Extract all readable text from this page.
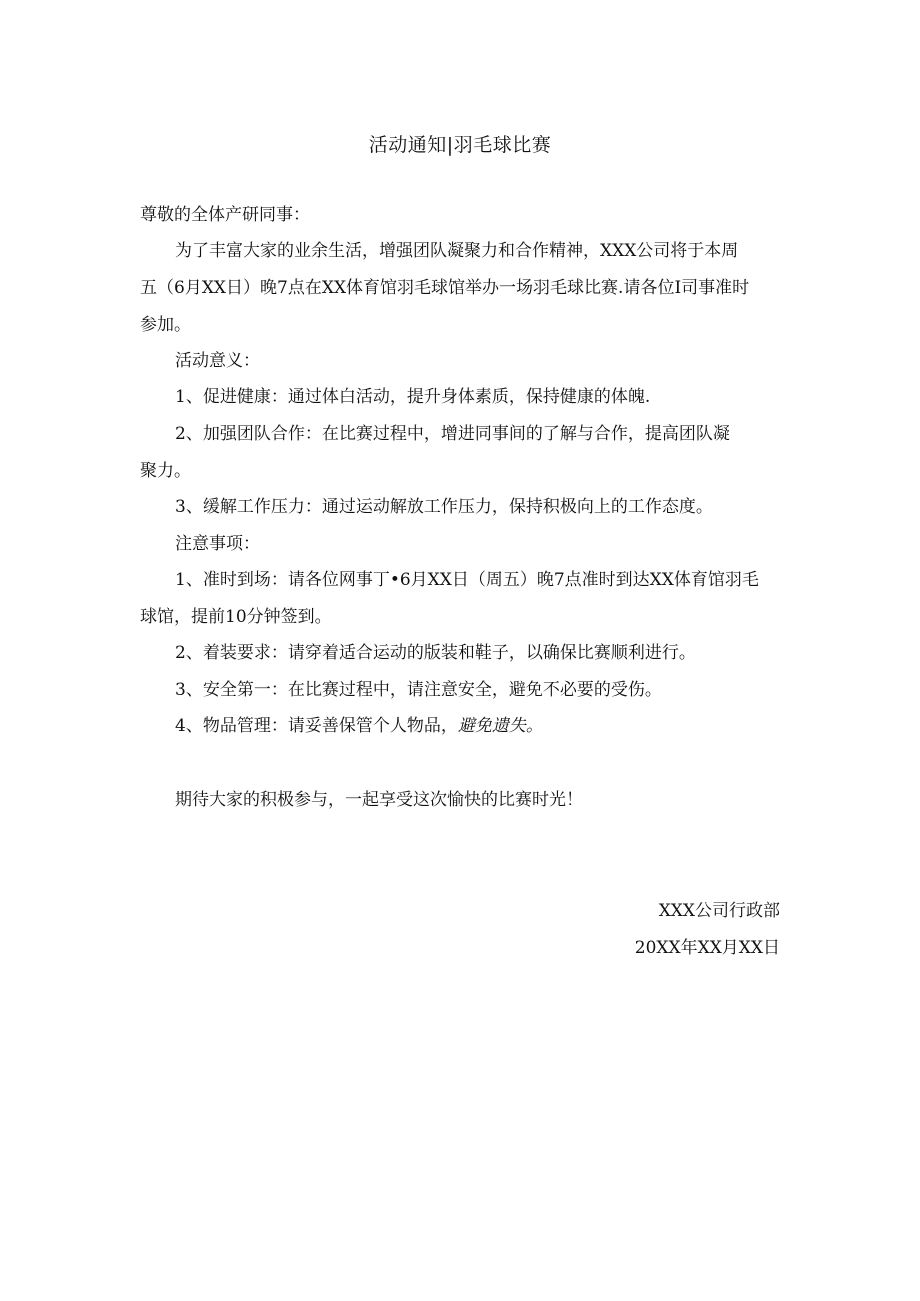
活动通知|羽毛球比赛
尊敬的全体产研同事：
为了丰富大家的业余生活，增强团队凝聚力和合作精神，XXX公司将于本周
五（6月XX日）晚7点在XX体育馆羽毛球馆举办一场羽毛球比赛.请各位I司事准时
参加。
活动意义：
1、促进健康：通过体白活动，提升身体素质，保持健康的体魄.
2、加强团队合作：在比赛过程中，增进同事间的了解与合作，提高团队凝
聚力。
3、缓解工作压力：通过运动解放工作压力，保持积极向上的工作态度。
注意事项：
1、准时到场：请各位网事丁•6月XX日（周五）晚7点准时到达XX体育馆羽毛
球馆，提前10分钟签到。
2、着装要求：请穿着适合运动的版装和鞋子，以确保比赛顺利进行。
3、安全第一：在比赛过程中，请注意安全，避免不必要的受伤。
4、物品管理：请妥善保管个人物品，避免遗失。
期待大家的积极参与，一起享受这次愉快的比赛时光！
XXX公司行政部
20XX年XX月XX日
